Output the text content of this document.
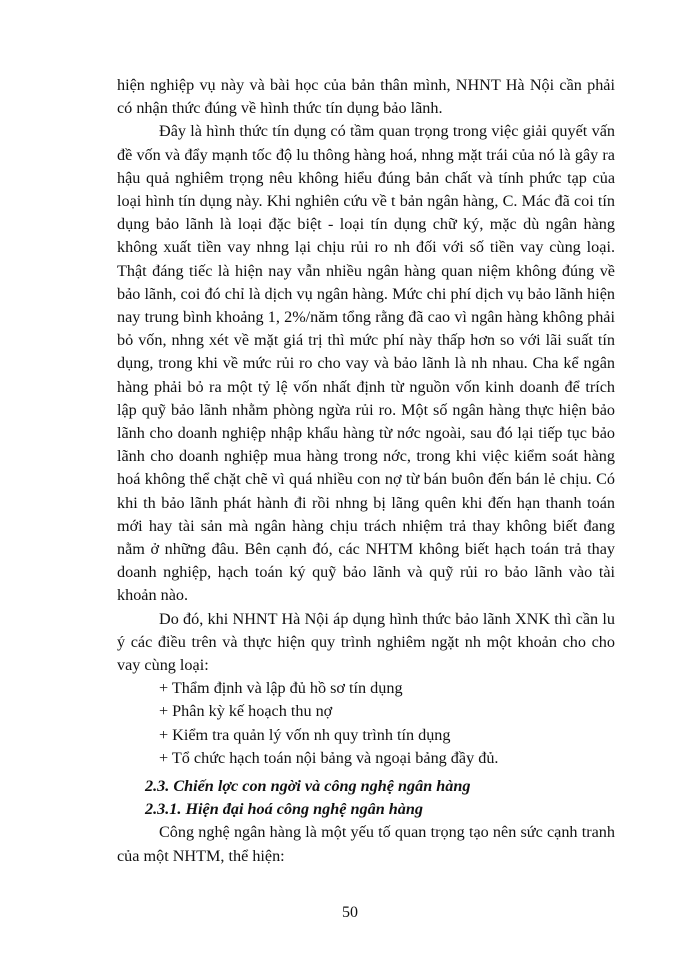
hiện nghiệp vụ này và bài học của bản thân mình, NHNT Hà Nội cần phải có nhận thức đúng về hình thức tín dụng bảo lãnh.

Đây là hình thức tín dụng có tầm quan trọng trong việc giải quyết vấn đề vốn và đẩy mạnh tốc độ lu thông hàng hoá, nhng mặt trái của nó là gây ra hậu quả nghiêm trọng nêu không hiểu đúng bản chất và tính phức tạp của loại hình tín dụng này. Khi nghiên cứu về t bản ngân hàng, C. Mác đã coi tín dụng bảo lãnh là loại đặc biệt - loại tín dụng chữ ký, mặc dù ngân hàng không xuất tiền vay nhng lại chịu rủi ro nh đối với số tiền vay cùng loại. Thật đáng tiếc là hiện nay vẫn nhiều ngân hàng quan niệm không đúng về bảo lãnh, coi đó chỉ là dịch vụ ngân hàng. Mức chi phí dịch vụ bảo lãnh hiện nay trung bình khoảng 1, 2%/năm tổng rằng đã cao vì ngân hàng không phải bỏ vốn, nhng xét về mặt giá trị thì mức phí này thấp hơn so với lãi suất tín dụng, trong khi về mức rủi ro cho vay và bảo lãnh là nh nhau. Cha kể ngân hàng phải bỏ ra một tỷ lệ vốn nhất định từ nguồn vốn kinh doanh để trích lập quỹ bảo lãnh nhằm phòng ngừa rủi ro. Một số ngân hàng thực hiện bảo lãnh cho doanh nghiệp nhập khẩu hàng từ nớc ngoài, sau đó lại tiếp tục bảo lãnh cho doanh nghiệp mua hàng trong nớc, trong khi việc kiểm soát hàng hoá không thể chặt chẽ vì quá nhiều con nợ từ bán buôn đến bán lẻ chịu. Có khi th bảo lãnh phát hành đi rồi nhng bị lãng quên khi đến hạn thanh toán mới hay tài sản mà ngân hàng chịu trách nhiệm trả thay không biết đang nằm ở những đâu. Bên cạnh đó, các NHTM không biết hạch toán trả thay doanh nghiệp, hạch toán ký quỹ bảo lãnh và quỹ rủi ro bảo lãnh vào tài khoản nào.

Do đó, khi NHNT Hà Nội áp dụng hình thức bảo lãnh XNK thì cần lu ý các điều trên và thực hiện quy trình nghiêm ngặt nh một khoản cho cho vay cùng loại:

+ Thẩm định và lập đủ hồ sơ tín dụng
+ Phân kỳ kế hoạch thu nợ
+ Kiểm tra quản lý vốn nh quy trình tín dụng
+ Tổ chức hạch toán nội bảng và ngoại bảng đầy đủ.

2.3. Chiến lợc con ngời và công nghệ ngân hàng

2.3.1. Hiện đại hoá công nghệ ngân hàng

Công nghệ ngân hàng là một yếu tố quan trọng tạo nên sức cạnh tranh của một NHTM, thể hiện:

50
